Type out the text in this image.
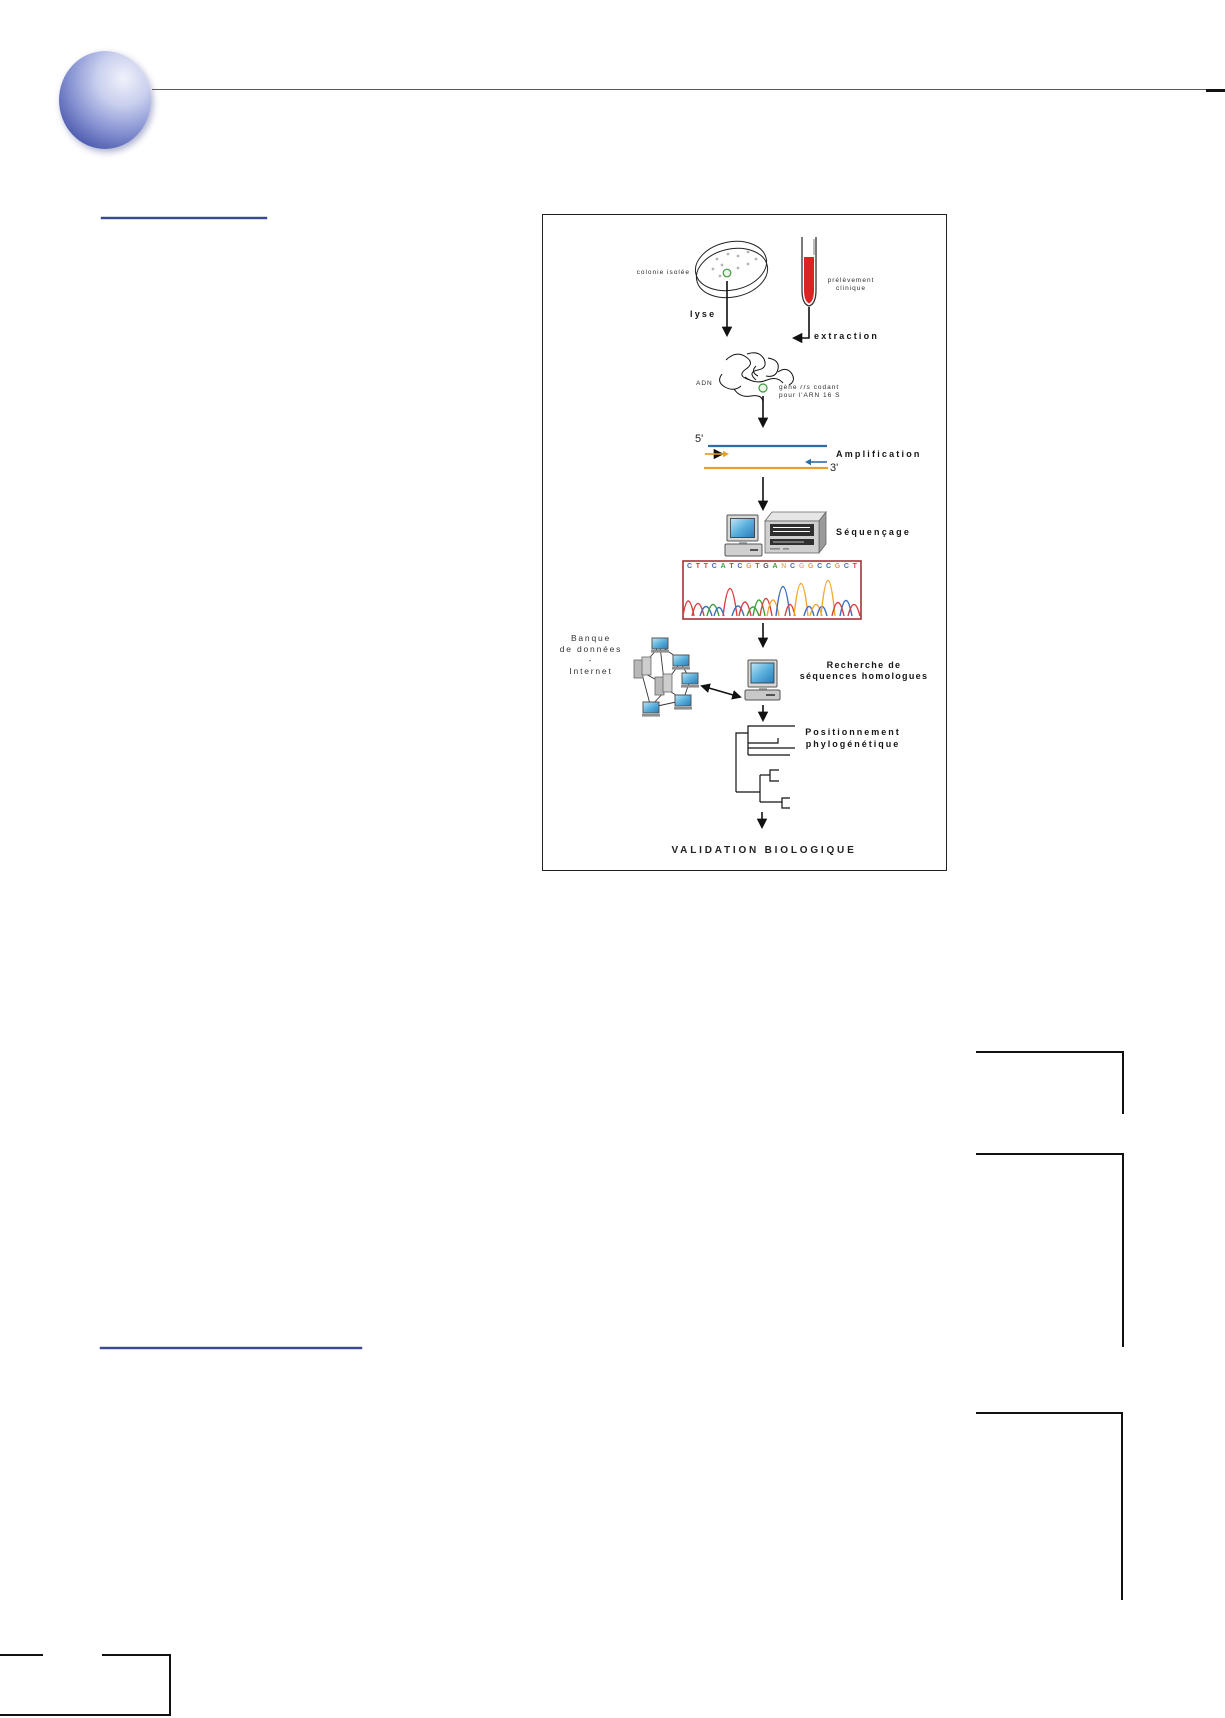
colonie isolée
prélèvement
clinique
lyse
extraction
ADN
gène rrs codant
pour l'ARN 16 S
5'
3'
Amplification
Séquençage
C T T C A T C G T G A N C G G C C G C T
Banque
de données
-
Internet
Recherche de
séquences homologues
Positionnement
phylogénétique
VALIDATION BIOLOGIQUE
